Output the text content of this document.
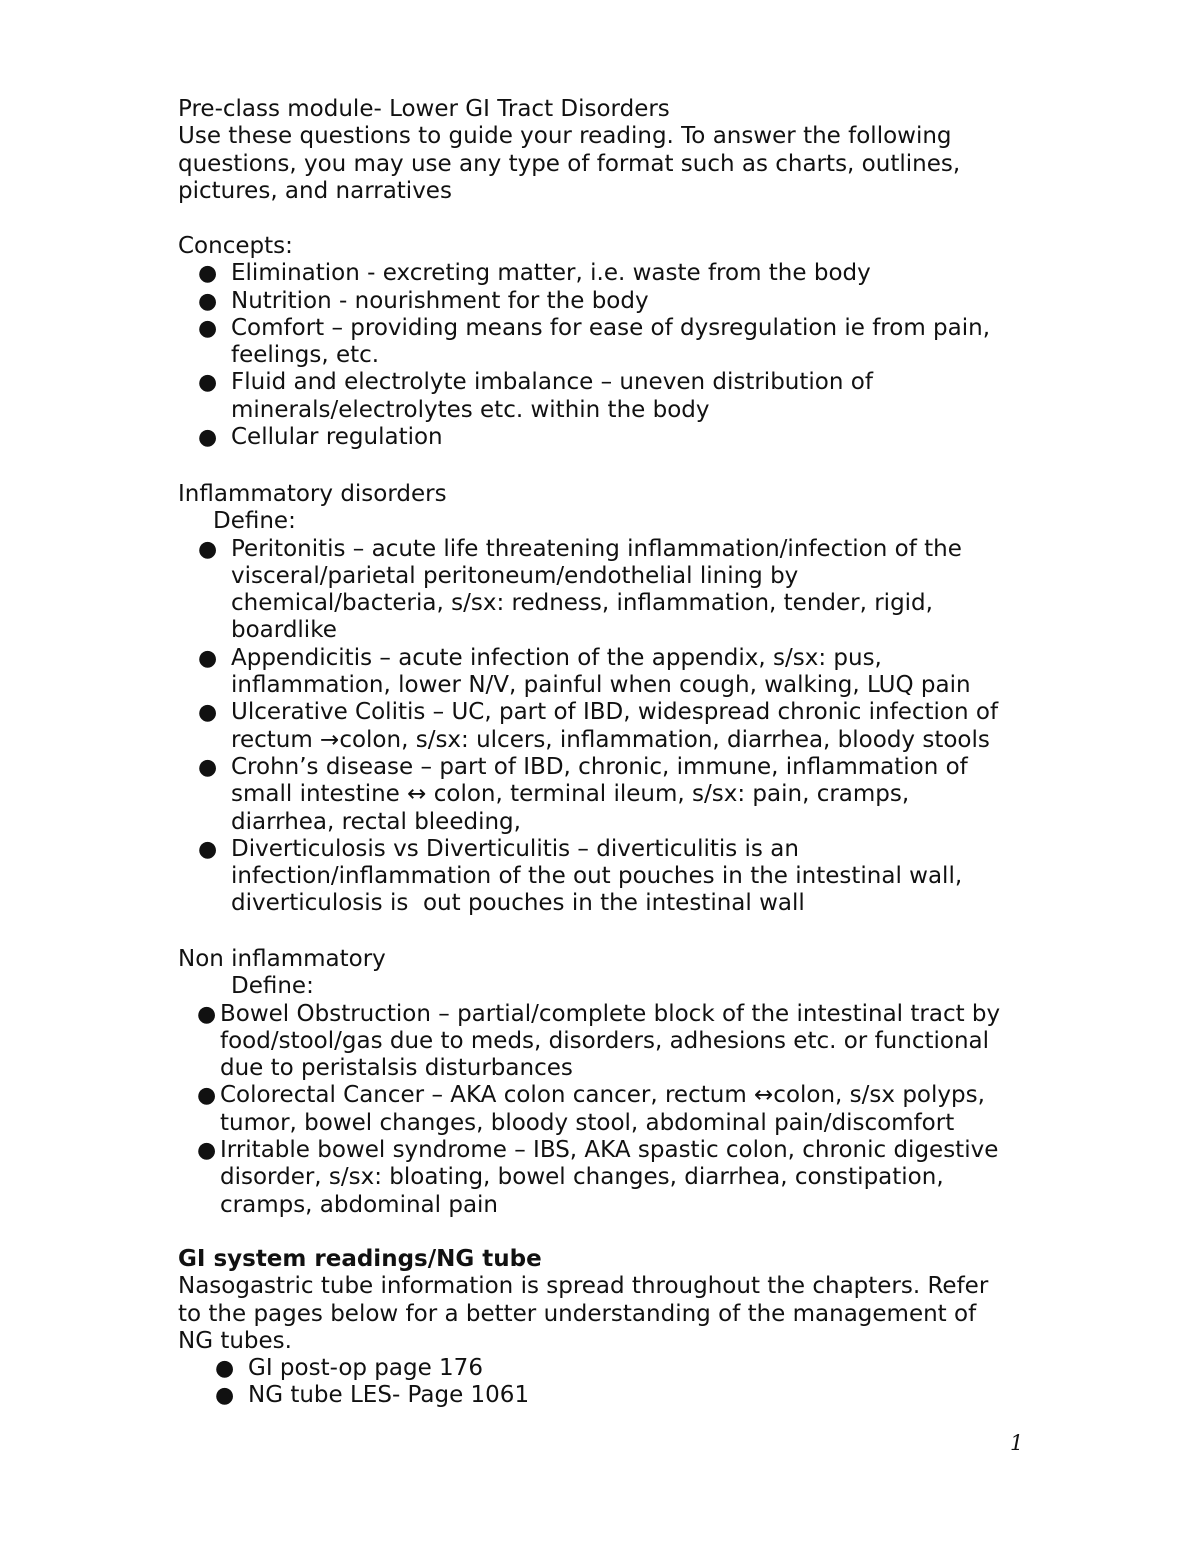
Pre-class module- Lower GI Tract Disorders
Use these questions to guide your reading. To answer the following
questions, you may use any type of format such as charts, outlines,
pictures, and narratives
Concepts:
● Elimination - excreting matter, i.e. waste from the body
● Nutrition - nourishment for the body
● Comfort – providing means for ease of dysregulation ie from pain,
feelings, etc.
● Fluid and electrolyte imbalance – uneven distribution of
minerals/electrolytes etc. within the body
● Cellular regulation
Inflammatory disorders
Define:
● Peritonitis – acute life threatening inflammation/infection of the
visceral/parietal peritoneum/endothelial lining by
chemical/bacteria, s/sx: redness, inflammation, tender, rigid,
boardlike
● Appendicitis – acute infection of the appendix, s/sx: pus,
inflammation, lower N/V, painful when cough, walking, LUQ pain
● Ulcerative Colitis – UC, part of IBD, widespread chronic infection of
rectum →colon, s/sx: ulcers, inflammation, diarrhea, bloody stools
● Crohn’s disease – part of IBD, chronic, immune, inflammation of
small intestine ↔ colon, terminal ileum, s/sx: pain, cramps,
diarrhea, rectal bleeding,
● Diverticulosis vs Diverticulitis – diverticulitis is an
infection/inflammation of the out pouches in the intestinal wall,
diverticulosis is  out pouches in the intestinal wall
Non inflammatory
Define:
● Bowel Obstruction – partial/complete block of the intestinal tract by
food/stool/gas due to meds, disorders, adhesions etc. or functional
due to peristalsis disturbances
● Colorectal Cancer – AKA colon cancer, rectum ↔colon, s/sx polyps,
tumor, bowel changes, bloody stool, abdominal pain/discomfort
● Irritable bowel syndrome – IBS, AKA spastic colon, chronic digestive
disorder, s/sx: bloating, bowel changes, diarrhea, constipation,
cramps, abdominal pain
GI system readings/NG tube
Nasogastric tube information is spread throughout the chapters. Refer
to the pages below for a better understanding of the management of
NG tubes.
● GI post-op page 176
● NG tube LES- Page 1061
1
